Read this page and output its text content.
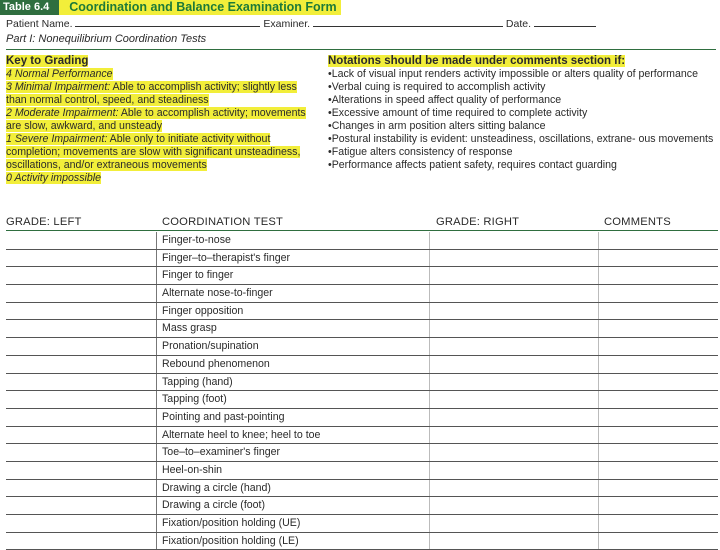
Table 6.4	Coordination and Balance Examination Form
Patient Name.	Examiner.	Date.
Part I: Nonequilibrium Coordination Tests
Key to Grading
4 Normal Performance
3 Minimal Impairment: Able to accomplish activity; slightly less than normal control, speed, and steadiness
2 Moderate Impairment: Able to accomplish activity; movements are slow, awkward, and unsteady
1 Severe Impairment: Able only to initiate activity without completion; movements are slow with significant unsteadiness, oscillations, and/or extraneous movements
0 Activity impossible
Notations should be made under comments section if:
• Lack of visual input renders activity impossible or alters quality of performance
• Verbal cuing is required to accomplish activity
• Alterations in speed affect quality of performance
• Excessive amount of time required to complete activity
• Changes in arm position alters sitting balance
• Postural instability is evident: unsteadiness, oscillations, extrane- ous movements
• Fatigue alters consistency of response
• Performance affects patient safety, requires contact guarding
GRADE: LEFT	COORDINATION TEST	GRADE: RIGHT	COMMENTS
Finger-to-nose
Finger–to–therapist's finger
Finger to finger
Alternate nose-to-finger
Finger opposition
Mass grasp
Pronation/supination
Rebound phenomenon
Tapping (hand)
Tapping (foot)
Pointing and past-pointing
Alternate heel to knee; heel to toe
Toe–to–examiner's finger
Heel-on-shin
Drawing a circle (hand)
Drawing a circle (foot)
Fixation/position holding (UE)
Fixation/position holding (LE)
